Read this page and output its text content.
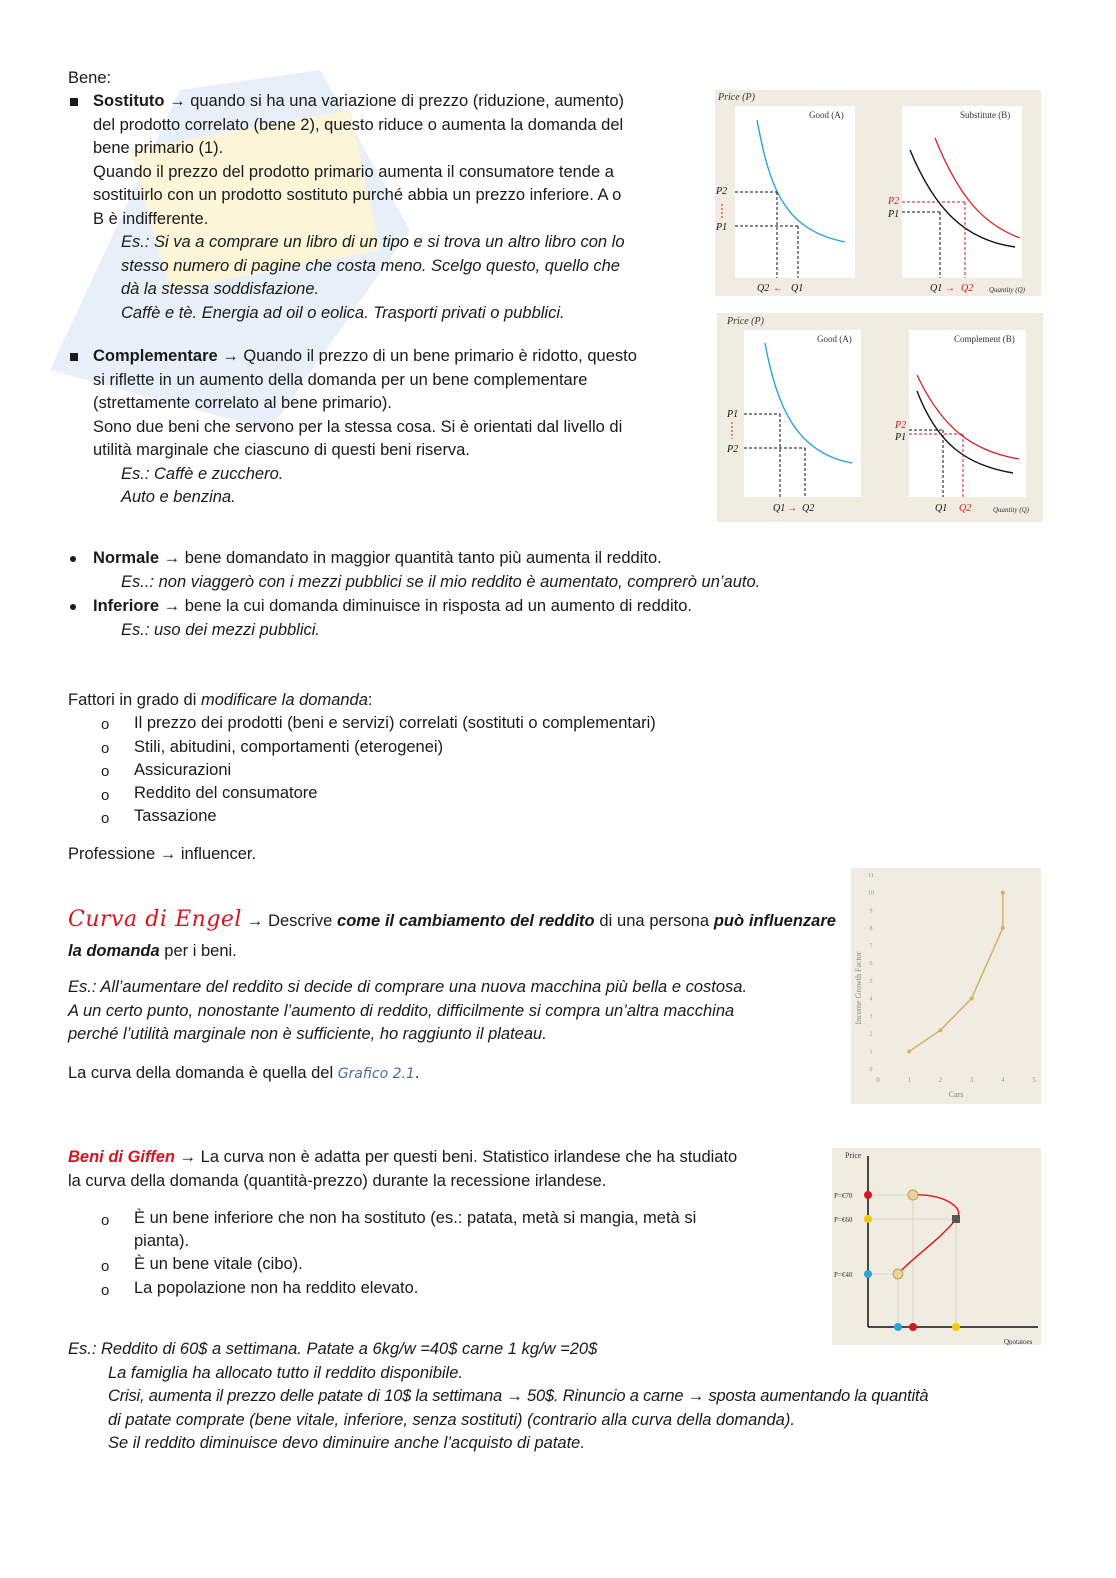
Bene:
Sostituto → quando si ha una variazione di prezzo (riduzione, aumento)
del prodotto correlato (bene 2), questo riduce o aumenta la domanda del
bene primario (1).
Quando il prezzo del prodotto primario aumenta il consumatore tende a
sostituirlo con un prodotto sostituto purché abbia un prezzo inferiore. A o
B è indifferente.
Es.: Si va a comprare un libro di un tipo e si trova un altro libro con lo
stesso numero di pagine che costa meno. Scelgo questo, quello che
dà la stessa soddisfazione.
Caffè e tè. Energia ad oil o eolica. Trasporti privati o pubblici.
Complementare → Quando il prezzo di un bene primario è ridotto, questo
si riflette in un aumento della domanda per un bene complementare
(strettamente correlato al bene primario).
Sono due beni che servono per la stessa cosa. Si è orientati dal livello di
utilità marginale che ciascuno di questi beni riserva.
Es.: Caffè e zucchero.
Auto e benzina.
Normale → bene domandato in maggior quantità tanto più aumenta il reddito.
Es..: non viaggerò con i mezzi pubblici se il mio reddito è aumentato, comprerò un’auto.
Inferiore → bene la cui domanda diminuisce in risposta ad un aumento di reddito.
Es.: uso dei mezzi pubblici.
Fattori in grado di modificare la domanda:
o Il prezzo dei prodotti (beni e servizi) correlati (sostituti o complementari)
o Stili, abitudini, comportamenti (eterogenei)
o Assicurazioni
o Reddito del consumatore
o Tassazione
Professione → influencer.
Curva di Engel → Descrive come il cambiamento del reddito di una persona può influenzare la domanda per i beni.
Es.: All’aumentare del reddito si decide di comprare una nuova macchina più bella e costosa.
A un certo punto, nonostante l’aumento di reddito, difficilmente si compra un’altra macchina
perché l’utilità marginale non è sufficiente, ho raggiunto il plateau.
La curva della domanda è quella del Grafico 2.1.
Beni di Giffen → La curva non è adatta per questi beni. Statistico irlandese che ha studiato
la curva della domanda (quantità-prezzo) durante la recessione irlandese.
o È un bene inferiore che non ha sostituto (es.: patata, metà si mangia, metà si
pianta).
o È un bene vitale (cibo).
o La popolazione non ha reddito elevato.
Es.: Reddito di 60$ a settimana. Patate a 6kg/w =40$ carne 1 kg/w =20$
La famiglia ha allocato tutto il reddito disponibile.
Crisi, aumenta il prezzo delle patate di 10$ la settimana → 50$. Rinuncio a carne → sposta aumentando la quantità
di patate comprate (bene vitale, inferiore, senza sostituti) (contrario alla curva della domanda).
Se il reddito diminuisce devo diminuire anche l’acquisto di patate.
Price (P)
Good (A)	Substitute (B)
P2
P1
P2
P1
Q2 ← Q1	Q1 → Q2 Quantity (Q)
Price (P)
Good (A)	Complement (B)
P1
P2
P2
P1
Q1 → Q2	Q1 Q2	Quantity (Q)
Income Growth Factor
Cars
0
1
2
3
4
5
6
7
8
9
10
11
0	1	2	3	4	5
Price
P=€70
P=€60
P=€40
Qpotatoes
